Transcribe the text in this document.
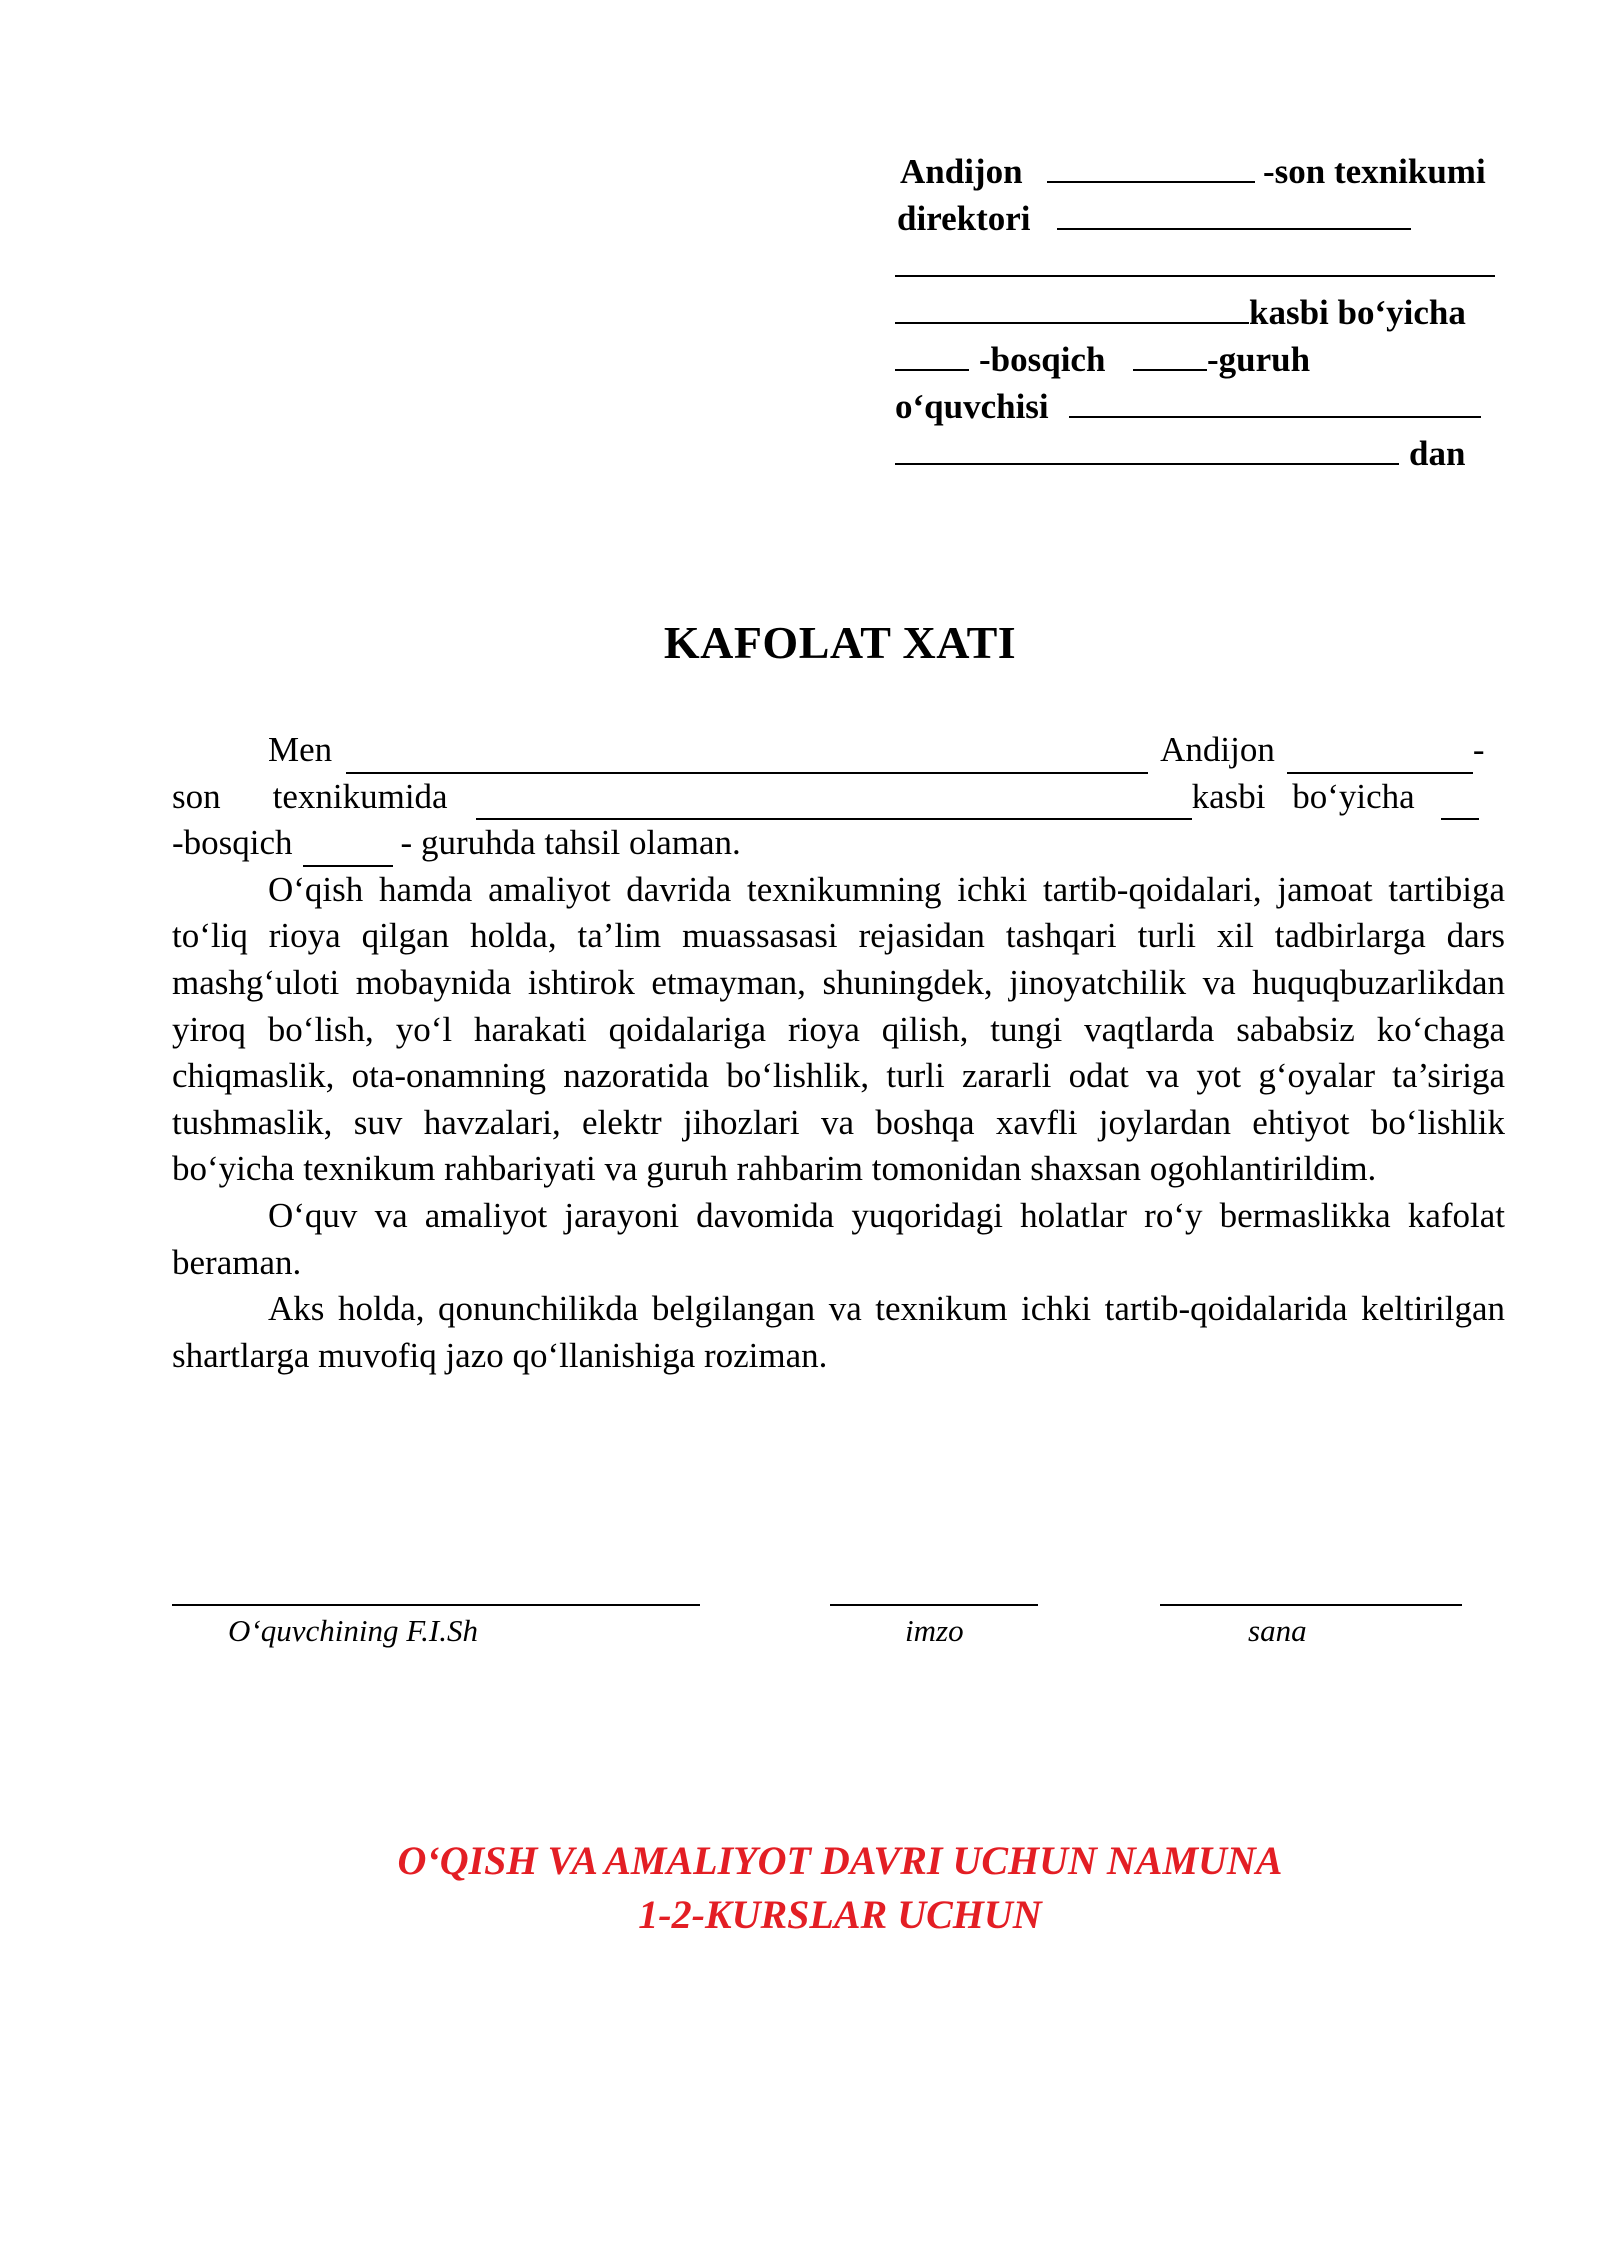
Andijon

	-son texnikumi

direktori

kasbi bo‘yicha

-bosqich

	-guruh

o‘quvchisi

dan

KAFOLAT XATI
Men	Andijon	-
son texnikumida	kasbi bo‘yicha
-bosqich	- guruhda tahsil olaman.

O‘qish hamda amaliyot davrida texnikumning ichki tartib-qoidalari, jamoat tartibiga to‘liq rioya qilgan holda, ta’lim muassasasi rejasidan tashqari turli xil tadbirlarga dars mashg‘uloti mobaynida ishtirok etmayman, shuningdek, jinoyatchilik va huquqbuzarlikdan yiroq bo‘lish, yo‘l harakati qoidalariga rioya qilish, tungi vaqtlarda sababsiz ko‘chaga chiqmaslik, ota-onamning nazoratida bo‘lishlik, turli zararli odat va yot g‘oyalar ta’siriga tushmaslik, suv havzalari, elektr jihozlari va boshqa xavfli joylardan ehtiyot bo‘lishlik bo‘yicha texnikum rahbariyati va guruh rahbarim tomonidan shaxsan ogohlantirildim.

O‘quv va amaliyot jarayoni davomida yuqoridagi holatlar ro‘y bermaslikka kafolat beraman.

Aks holda, qonunchilikda belgilangan va texnikum ichki tartib-qoidalarida keltirilgan shartlarga muvofiq jazo qo‘llanishiga roziman.

O‘quvchining F.I.Sh	imzo	sana
O‘QISH VA AMALIYOT DAVRI UCHUN NAMUNA
1-2-KURSLAR UCHUN
